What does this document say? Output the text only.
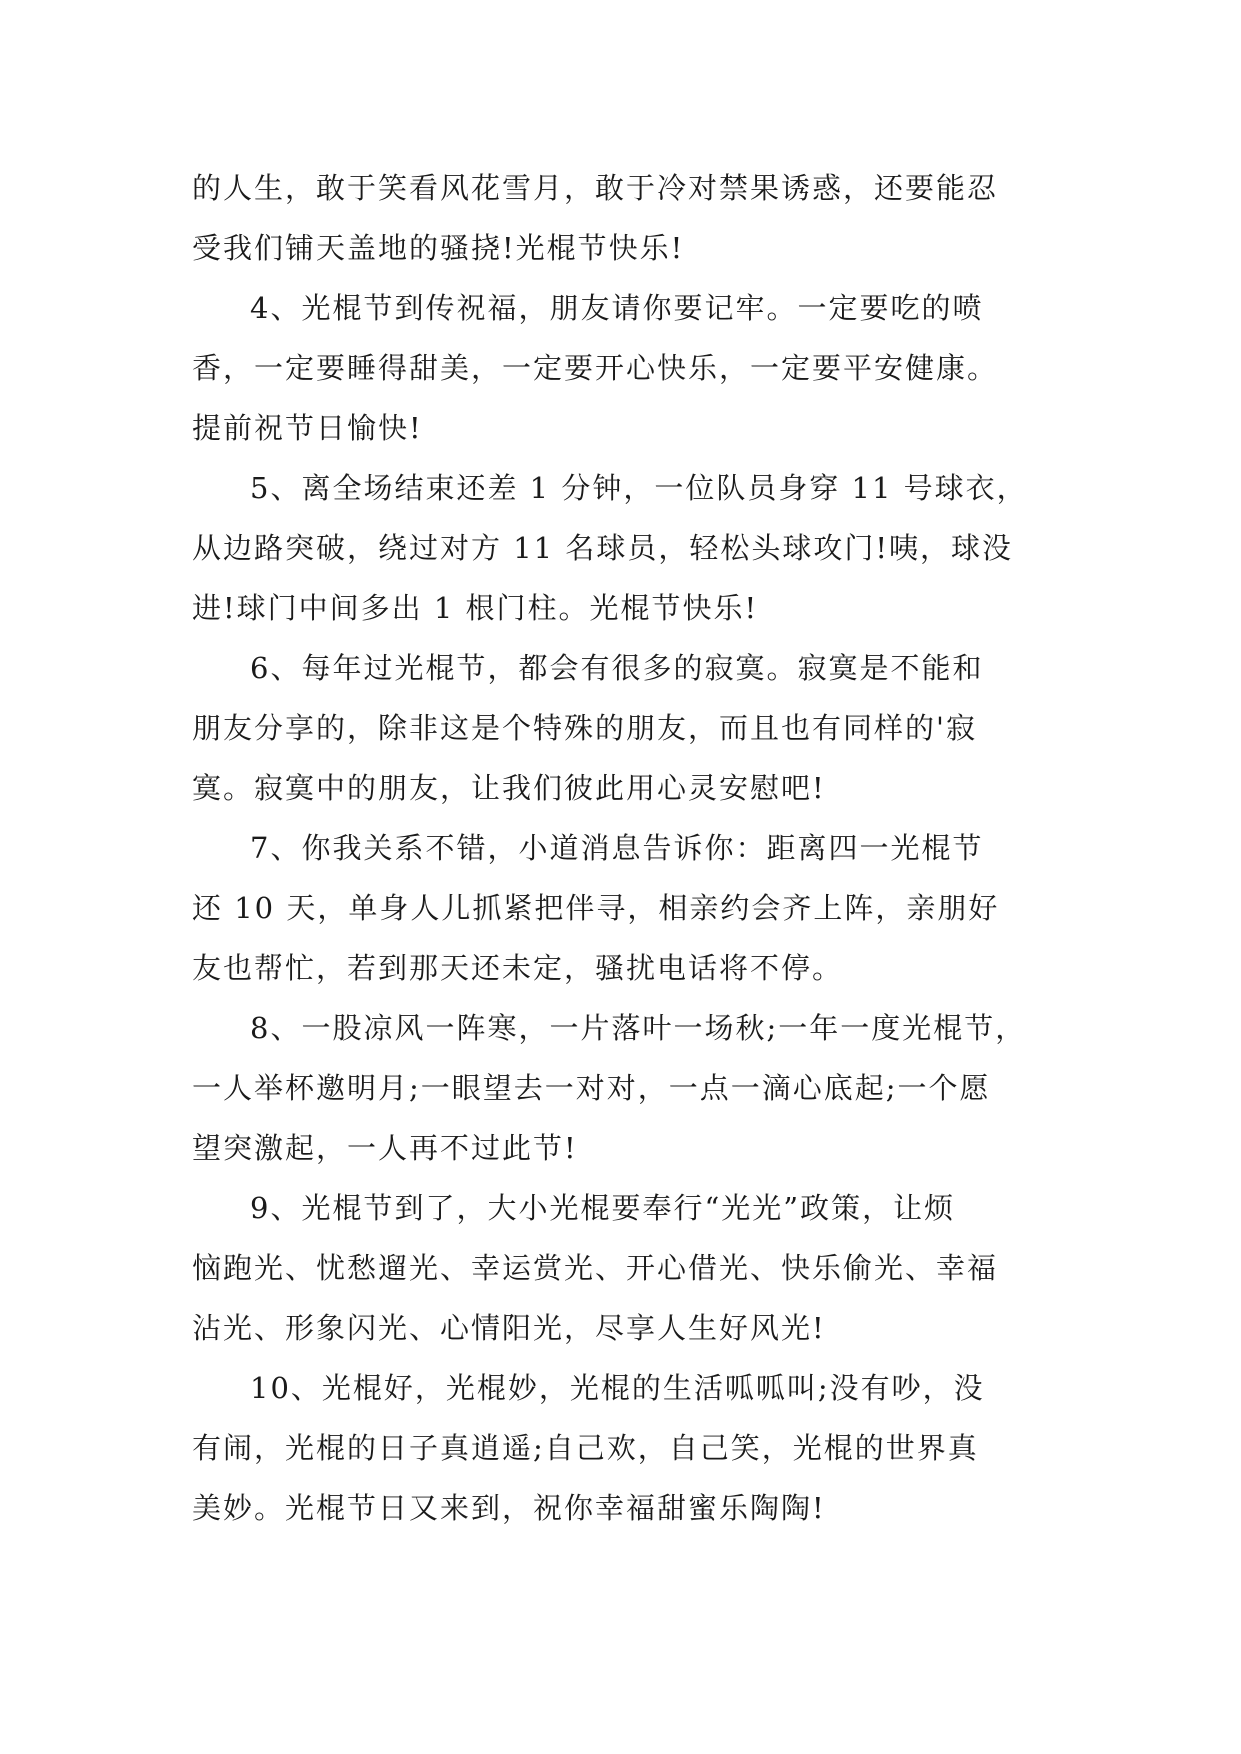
的人生，敢于笑看风花雪月，敢于冷对禁果诱惑，还要能忍
受我们铺天盖地的骚挠!光棍节快乐!
4、光棍节到传祝福，朋友请你要记牢。一定要吃的喷
香，一定要睡得甜美，一定要开心快乐，一定要平安健康。
提前祝节日愉快!
5、离全场结束还差 1 分钟，一位队员身穿 11 号球衣，
从边路突破，绕过对方 11 名球员，轻松头球攻门!咦，球没
进!球门中间多出 1 根门柱。光棍节快乐!
6、每年过光棍节，都会有很多的寂寞。寂寞是不能和
朋友分享的，除非这是个特殊的朋友，而且也有同样的'寂
寞。寂寞中的朋友，让我们彼此用心灵安慰吧!
7、你我关系不错，小道消息告诉你：距离四一光棍节
还 10 天，单身人儿抓紧把伴寻，相亲约会齐上阵，亲朋好
友也帮忙，若到那天还未定，骚扰电话将不停。
8、一股凉风一阵寒，一片落叶一场秋;一年一度光棍节，
一人举杯邀明月;一眼望去一对对，一点一滴心底起;一个愿
望突激起，一人再不过此节!
9、光棍节到了，大小光棍要奉行“光光”政策，让烦
恼跑光、忧愁遛光、幸运赏光、开心借光、快乐偷光、幸福
沾光、形象闪光、心情阳光，尽享人生好风光!
10、光棍好，光棍妙，光棍的生活呱呱叫;没有吵，没
有闹，光棍的日子真逍遥;自己欢，自己笑，光棍的世界真
美妙。光棍节日又来到，祝你幸福甜蜜乐陶陶!
